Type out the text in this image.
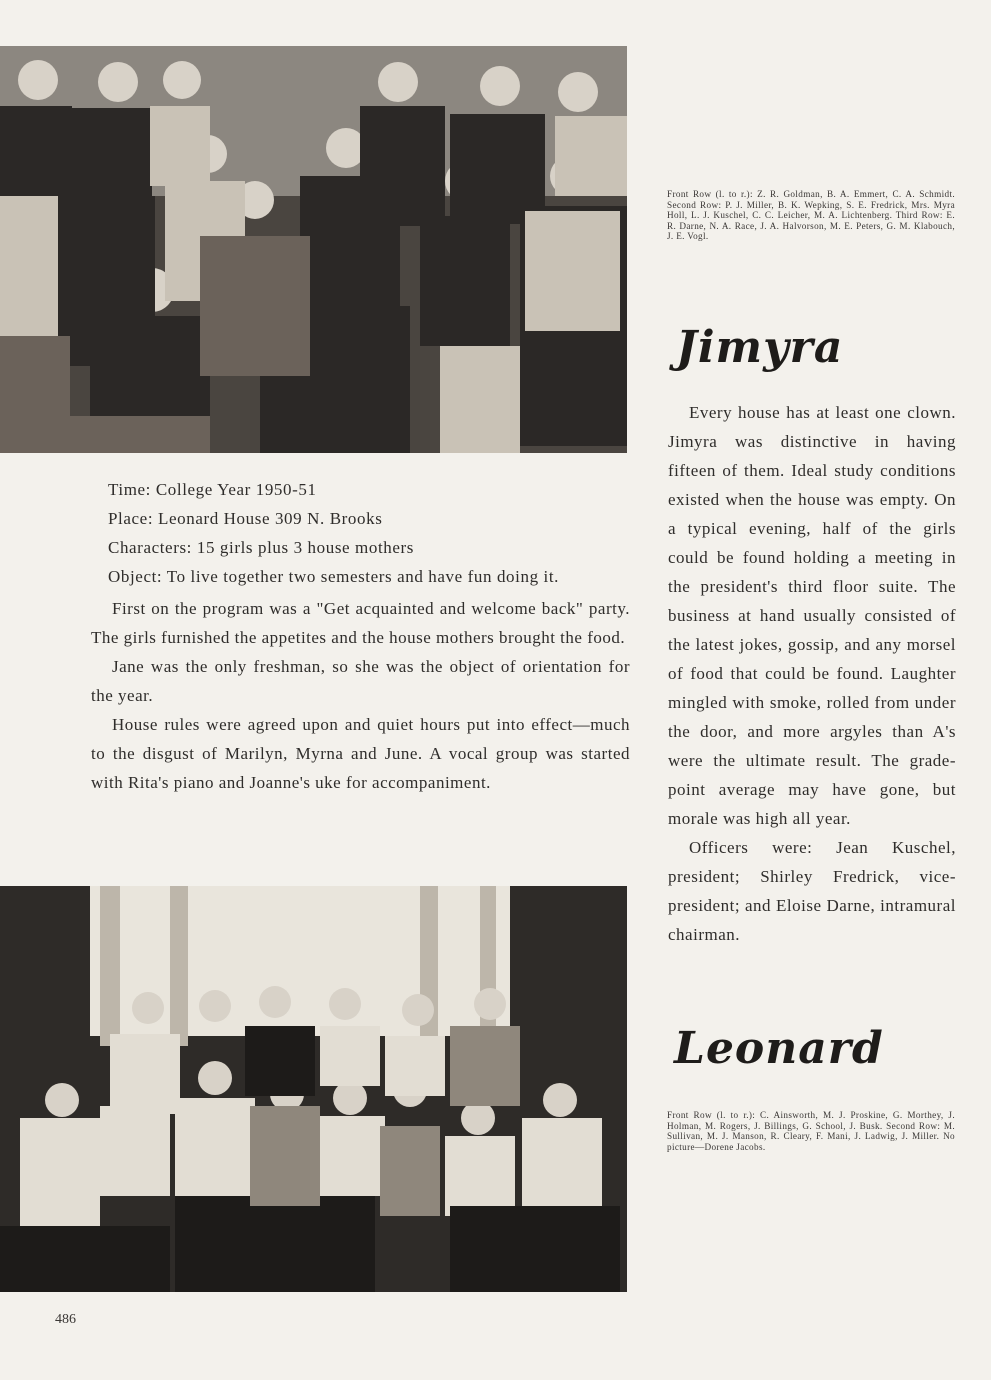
Front Row (l. to r.): Z. R. Goldman, B. A. Emmert, C. A. Schmidt. Second Row: P. J. Miller, B. K. Wepking, S. E. Fredrick, Mrs. Myra Holl, L. J. Kuschel, C. C. Leicher, M. A. Lichtenberg. Third Row: E. R. Darne, N. A. Race, J. A. Halvorson, M. E. Peters, G. M. Klabouch, J. E. Vogl.
Jimyra
Time: College Year 1950-51
Place: Leonard House 309 N. Brooks
Characters: 15 girls plus 3 house mothers
Object: To live together two semesters and have fun doing it.

First on the program was a "Get acquainted and welcome back" party. The girls furnished the appetites and the house mothers brought the food.

Jane was the only freshman, so she was the object of orientation for the year.

House rules were agreed upon and quiet hours put into effect—much to the disgust of Marilyn, Myrna and June. A vocal group was started with Rita's piano and Joanne's uke for accompaniment.

Every house has at least one clown. Jimyra was distinctive in having fifteen of them. Ideal study conditions existed when the house was empty. On a typical evening, half of the girls could be found holding a meeting in the president's third floor suite. The business at hand usually consisted of the latest jokes, gossip, and any morsel of food that could be found. Laughter mingled with smoke, rolled from under the door, and more argyles than A's were the ultimate result. The grade-point average may have gone, but morale was high all year.

Officers were: Jean Kuschel, president; Shirley Fredrick, vice-president; and Eloise Darne, intramural chairman.

Leonard
Front Row (l. to r.): C. Ainsworth, M. J. Proskine, G. Morthey, J. Holman, M. Rogers, J. Billings, G. School, J. Busk. Second Row: M. Sullivan, M. J. Manson, R. Cleary, F. Mani, J. Ladwig, J. Miller. No picture—Dorene Jacobs.
486
